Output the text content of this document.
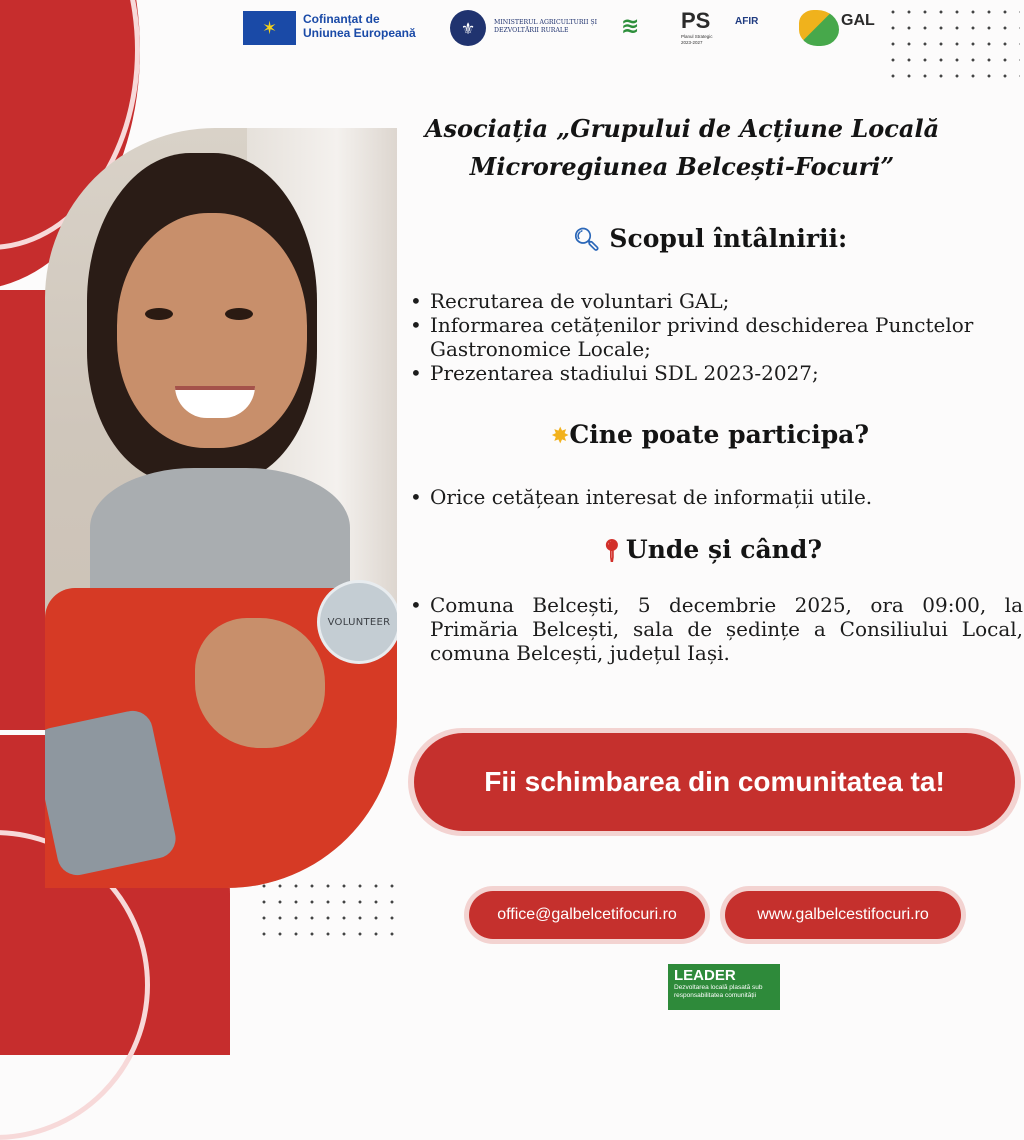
✶	Cofinanțat de
Uniunea Europeană	⚜	MINISTERUL AGRICULTURII ȘI
DEZVOLTĂRII RURALE	≋ PS
Planul Strategic
2023-2027
AFIR	GAL
VOLUNTEER
Asociația „Grupului de Acțiune Locală Microregiunea Belcești-Focuri”
🔍︎ Scopul întâlnirii:
• Recrutarea de voluntari GAL;
• Informarea cetățenilor privind deschiderea Punctelor Gastronomice Locale;
• Prezentarea stadiului SDL 2023-2027;
✸Cine poate participa?
• Orice cetățean interesat de informații utile.
📍︎Unde și când?
• Comuna Belcești, 5 decembrie 2025, ora 09:00, la Primăria Belcești, sala de ședințe a Consiliului Local, comuna Belcești, județul Iași.
Fii schimbarea din comunitatea ta!
office@galbelcetifocuri.ro	www.galbelcestifocuri.ro
LEADER
Dezvoltarea locală plasată sub responsabilitatea comunității
